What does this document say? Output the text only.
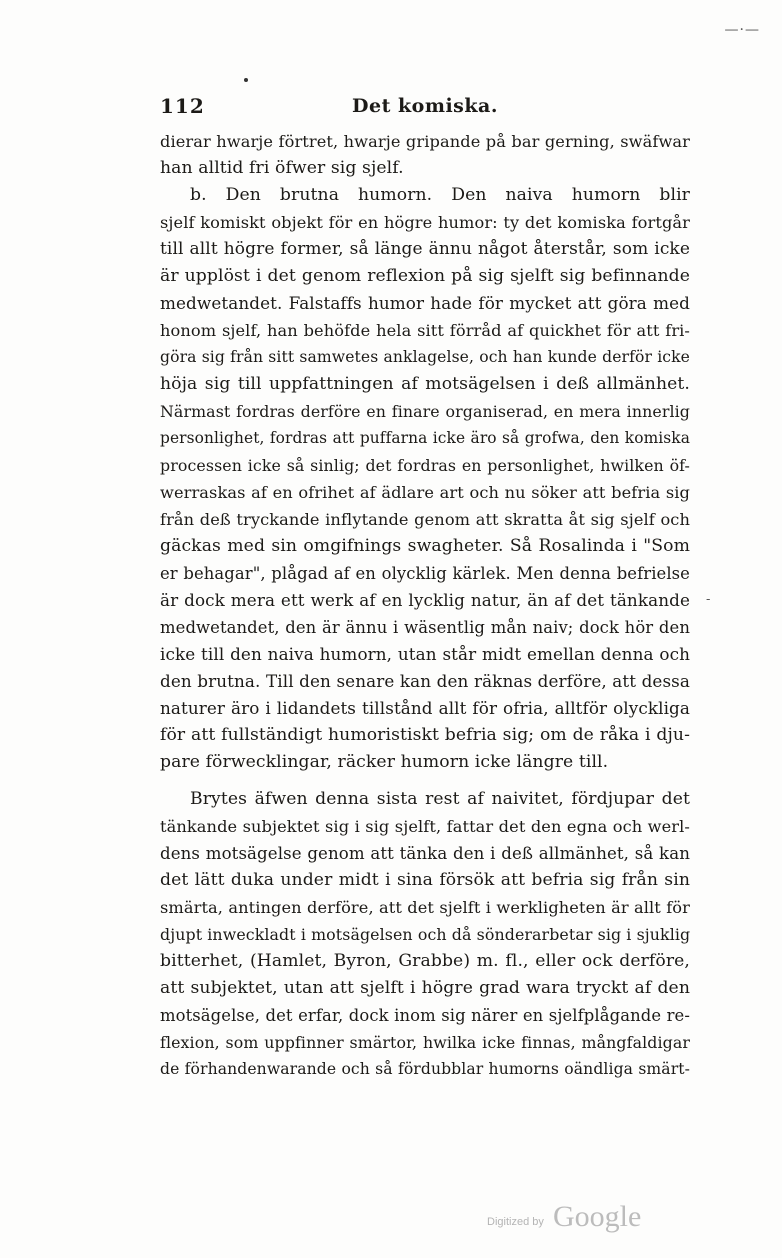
—·—
-
112	Det komiska.
dierar hwarje förtret, hwarje gripande på bar gerning, swäfwar
han alltid fri öfwer sig sjelf.
b. Den brutna humorn. Den naiva humorn blir
sjelf komiskt objekt för en högre humor: ty det komiska fortgår
till allt högre former, så länge ännu något återstår, som icke
är upplöst i det genom reflexion på sig sjelft sig befinnande
medwetandet. Falstaffs humor hade för mycket att göra med
honom sjelf, han behöfde hela sitt förråd af quickhet för att fri-
göra sig från sitt samwetes anklagelse, och han kunde derför icke
höja sig till uppfattningen af motsägelsen i deß allmänhet.
Närmast fordras derföre en finare organiserad, en mera innerlig
personlighet, fordras att puffarna icke äro så grofwa, den komiska
processen icke så sinlig; det fordras en personlighet, hwilken öf-
werraskas af en ofrihet af ädlare art och nu söker att befria sig
från deß tryckande inflytande genom att skratta åt sig sjelf och
gäckas med sin omgifnings swagheter. Så Rosalinda i "Som
er behagar", plågad af en olycklig kärlek. Men denna befrielse
är dock mera ett werk af en lycklig natur, än af det tänkande
medwetandet, den är ännu i wäsentlig mån naiv; dock hör den
icke till den naiva humorn, utan står midt emellan denna och
den brutna. Till den senare kan den räknas derföre, att dessa
naturer äro i lidandets tillstånd allt för ofria, alltför olyckliga
för att fullständigt humoristiskt befria sig; om de råka i dju-
pare förwecklingar, räcker humorn icke längre till.
Brytes äfwen denna sista rest af naivitet, fördjupar det
tänkande subjektet sig i sig sjelft, fattar det den egna och werl-
dens motsägelse genom att tänka den i deß allmänhet, så kan
det lätt duka under midt i sina försök att befria sig från sin
smärta, antingen derföre, att det sjelft i werkligheten är allt för
djupt inweckladt i motsägelsen och då sönderarbetar sig i sjuklig
bitterhet, (Hamlet, Byron, Grabbe) m. fl., eller ock derföre,
att subjektet, utan att sjelft i högre grad wara tryckt af den
motsägelse, det erfar, dock inom sig närer en sjelfplågande re-
flexion, som uppfinner smärtor, hwilka icke finnas, mångfaldigar
de förhandenwarande och så fördubblar humorns oändliga smärt-
Digitized by Google
